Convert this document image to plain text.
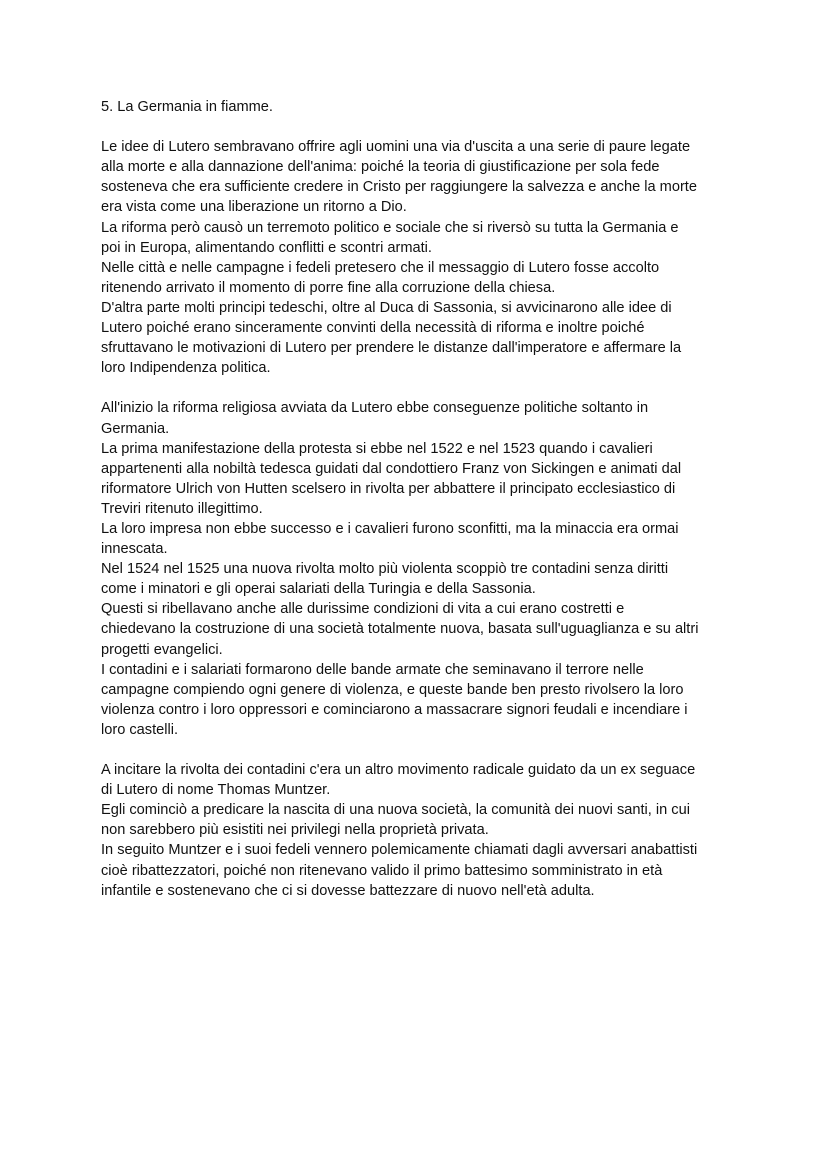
5. La Germania in fiamme.
Le idee di Lutero sembravano offrire agli uomini una via d'uscita a una serie di paure legate
alla morte e alla dannazione dell'anima: poiché la teoria di giustificazione per sola fede
sosteneva che era sufficiente credere in Cristo per raggiungere la salvezza e anche la morte
era vista come una liberazione un ritorno a Dio.
La riforma però causò un terremoto politico e sociale che si riversò su tutta la Germania e
poi in Europa, alimentando conflitti e scontri armati.
Nelle città e nelle campagne i fedeli pretesero che il messaggio di Lutero fosse accolto
ritenendo arrivato il momento di porre fine alla corruzione della chiesa.
D'altra parte molti principi tedeschi, oltre al Duca di Sassonia, si avvicinarono alle idee di
Lutero poiché erano sinceramente convinti della necessità di riforma e inoltre poiché
sfruttavano le motivazioni di Lutero per prendere le distanze dall'imperatore e affermare la
loro Indipendenza politica.
All'inizio la riforma religiosa avviata da Lutero ebbe conseguenze politiche soltanto in
Germania.
La prima manifestazione della protesta si ebbe nel 1522 e nel 1523 quando i cavalieri
appartenenti alla nobiltà tedesca guidati dal condottiero Franz von Sickingen e animati dal
riformatore Ulrich von Hutten scelsero in rivolta per abbattere il principato ecclesiastico di
Treviri ritenuto illegittimo.
La loro impresa non ebbe successo e i cavalieri furono sconfitti, ma la minaccia era ormai
innescata.
Nel 1524 nel 1525 una nuova rivolta molto più violenta scoppiò tre contadini senza diritti
come i minatori e gli operai salariati della Turingia e della Sassonia.
Questi si ribellavano anche alle durissime condizioni di vita a cui erano costretti e
chiedevano la costruzione di una società totalmente nuova, basata sull'uguaglianza e su altri
progetti evangelici.
I contadini e i salariati formarono delle bande armate che seminavano il terrore nelle
campagne compiendo ogni genere di violenza, e queste bande ben presto rivolsero la loro
violenza contro i loro oppressori e cominciarono a massacrare signori feudali e incendiare i
loro castelli.
A incitare la rivolta dei contadini c'era un altro movimento radicale guidato da un ex seguace
di Lutero di nome Thomas Muntzer.
Egli cominciò a predicare la nascita di una nuova società, la comunità dei nuovi santi, in cui
non sarebbero più esistiti nei privilegi nella proprietà privata.
In seguito Muntzer e i suoi fedeli vennero polemicamente chiamati dagli avversari anabattisti
cioè ribattezzatori, poiché non ritenevano valido il primo battesimo somministrato in età
infantile e sostenevano che ci si dovesse battezzare di nuovo nell'età adulta.
